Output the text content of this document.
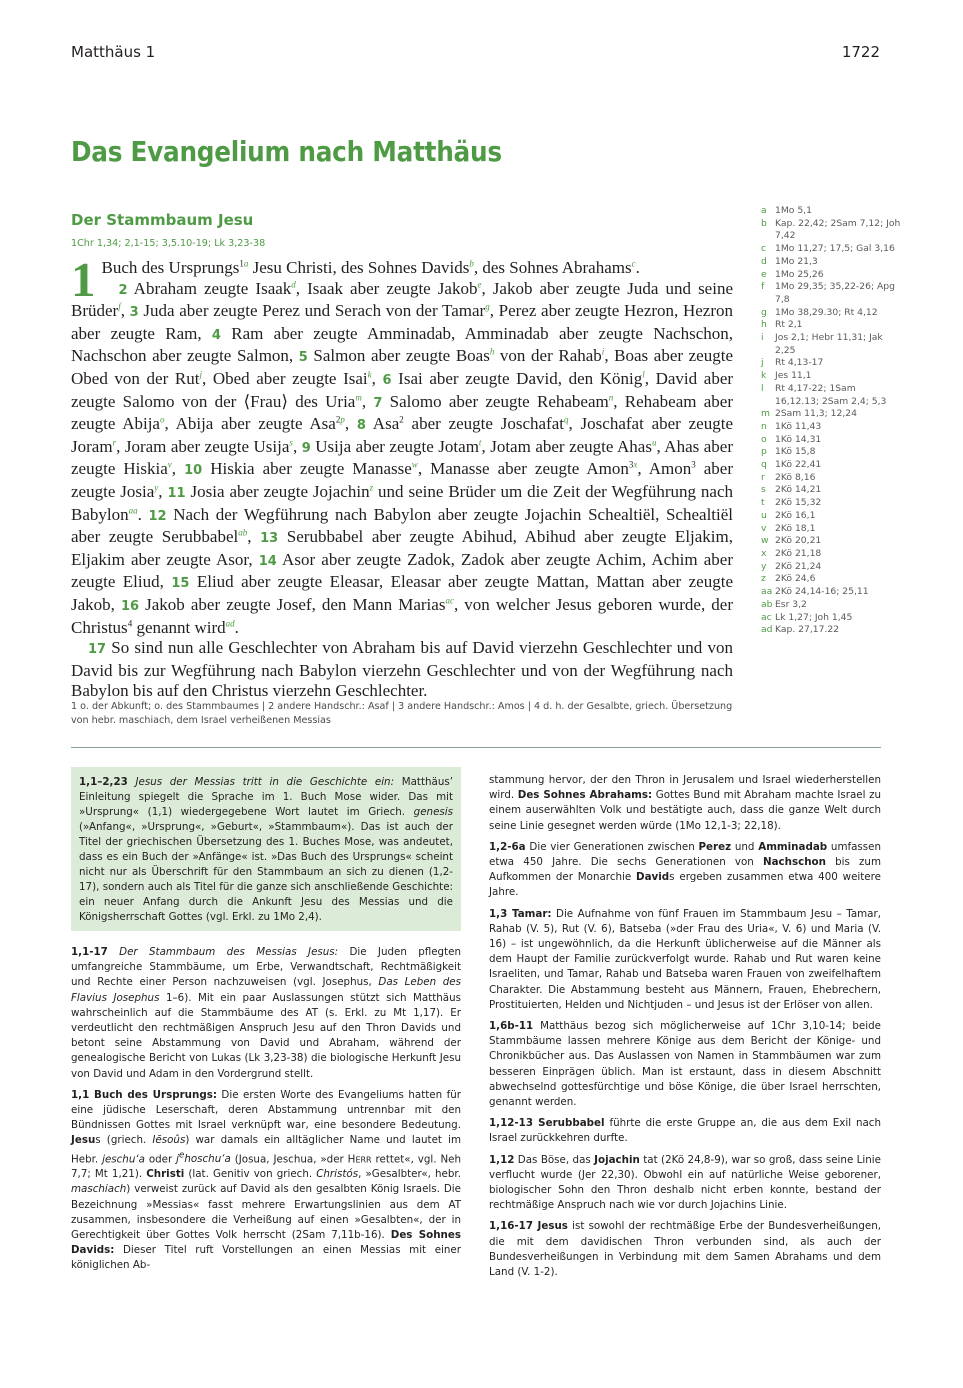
Matthäus 1	1722
Das Evangelium nach Matthäus
Der Stammbaum Jesu
1Chr 1,34; 2,1-15; 3,5.10-19; Lk 3,23-38
1 Buch des Ursprungs$^{1a}$ Jesu Christi, des Sohnes Davids$^b$, des Sohnes Abrahams$^c$.

2 Abraham zeugte Isaak$^d$, Isaak aber zeugte Jakob$^e$, Jakob aber zeugte Juda und seine Brüder$^f$, 3 Juda aber zeugte Perez und Serach von der Tamar$^g$, Perez aber zeugte Hezron, Hezron aber zeugte Ram, 4 Ram aber zeugte Amminadab, Amminadab aber zeugte Nachschon, Nachschon aber zeugte Salmon, 5 Salmon aber zeugte Boas$^h$ von der Rahab$^i$, Boas aber zeugte Obed von der Rut$^j$, Obed aber zeugte Isai$^k$, 6 Isai aber zeugte David, den König$^l$, David aber zeugte Salomo von der ⟨Frau⟩ des Uria$^m$, 7 Salomo aber zeugte Rehabeam$^n$, Rehabeam aber zeugte Abija$^o$, Abija aber zeugte Asa$^{2p}$, 8 Asa$^2$ aber zeugte Joschafat$^q$, Joschafat aber zeugte Joram$^r$, Joram aber zeugte Usija$^s$, 9 Usija aber zeugte Jotam$^t$, Jotam aber zeugte Ahas$^u$, Ahas aber zeugte Hiskia$^v$, 10 Hiskia aber zeugte Manasse$^w$, Manasse aber zeugte Amon$^{3x}$, Amon$^3$ aber zeugte Josia$^y$, 11 Josia aber zeugte Jojachin$^z$ und seine Brüder um die Zeit der Wegführung nach Babylon$^{aa}$. 12 Nach der Wegführung nach Babylon aber zeugte Jojachin Schealtiël, Schealtiël aber zeugte Serubbabel$^{ab}$, 13 Serubbabel aber zeugte Abihud, Abihud aber zeugte Eljakim, Eljakim aber zeugte Asor, 14 Asor aber zeugte Zadok, Zadok aber zeugte Achim, Achim aber zeugte Eliud, 15 Eliud aber zeugte Eleasar, Eleasar aber zeugte Mattan, Mattan aber zeugte Jakob, 16 Jakob aber zeugte Josef, den Mann Marias$^{ac}$, von welcher Jesus geboren wurde, der Christus$^4$ genannt wird$^{ad}$.

17 So sind nun alle Geschlechter von Abraham bis auf David vierzehn Geschlechter und von David bis zur Wegführung nach Babylon vierzehn Geschlechter und von der Wegführung nach Babylon bis auf den Christus vierzehn Geschlechter.

1 o. der Abkunft; o. des Stammbaumes | 2 andere Handschr.: Asaf | 3 andere Handschr.: Amos | 4 d. h. der Gesalbte, griech. Übersetzung von hebr. maschiach, dem Israel verheißenen Messias
a 1Mo 5,1
b Kap. 22,42; 2Sam 7,12; Joh 7,42
c 1Mo 11,27; 17,5; Gal 3,16
d 1Mo 21,3
e 1Mo 25,26
f	1Mo 29,35; 35,22-26; Apg 7,8
g 1Mo 38,29.30; Rt 4,12
h Rt 2,1
i	Jos 2,1; Hebr 11,31; Jak 2,25
j	Rt 4,13-17
k Jes 11,1
l	Rt 4,17-22; 1Sam 16,12.13; 2Sam 2,4; 5,3
m 2Sam 11,3; 12,24
n 1Kö 11,43
o 1Kö 14,31
p 1Kö 15,8
q 1Kö 22,41
r	2Kö 8,16
s	2Kö 14,21
t	2Kö 15,32
u 2Kö 16,1
v 2Kö 18,1
w 2Kö 20,21
x 2Kö 21,18
y 2Kö 21,24
z 2Kö 24,6
aa 2Kö 24,14-16; 25,11
ab Esr 3,2
ac Lk 1,27; Joh 1,45
ad Kap. 27,17.22
1,1–2,23 Jesus der Messias tritt in die Geschichte ein: Matthäus’ Einleitung spiegelt die Sprache im 1. Buch Mose wider. Das mit »Ursprung« (1,1) wiedergegebene Wort lautet im Griech. genesis (»Anfang«, »Ursprung«, »Geburt«, »Stammbaum«). Das ist auch der Titel der griechischen Übersetzung des 1. Buches Mose, was andeutet, dass es ein Buch der »Anfänge« ist. »Das Buch des Ursprungs« scheint nicht nur als Überschrift für den Stammbaum an sich zu dienen (1,2-17), sondern auch als Titel für die ganze sich anschließende Geschichte: ein neuer Anfang durch die Ankunft Jesu des Messias und die Königsherrschaft Gottes (vgl. Erkl. zu 1Mo 2,4).

1,1-17 Der Stammbaum des Messias Jesus: Die Juden pflegten umfangreiche Stammbäume, um Erbe, Verwandtschaft, Rechtmäßigkeit und Rechte einer Person nachzuweisen (vgl. Josephus, Das Leben des Flavius Josephus 1–6). Mit ein paar Auslassungen stützt sich Matthäus wahrscheinlich auf die Stammbäume des AT (s. Erkl. zu Mt 1,17). Er verdeutlicht den rechtmäßigen Anspruch Jesu auf den Thron Davids und betont seine Abstammung von David und Abraham, während der genealogische Bericht von Lukas (Lk 3,23-38) die biologische Herkunft Jesu von David und Adam in den Vordergrund stellt.

1,1 Buch des Ursprungs: Die ersten Worte des Evangeliums hatten für eine jüdische Leserschaft, deren Abstammung untrennbar mit den Bündnissen Gottes mit Israel verknüpft war, eine besondere Bedeutung. Jesus (griech. Iēsoûs) war damals ein alltäglicher Name und lautet im Hebr. jeschu‘a oder $j^ehoschu‘a$ (Josua, Jeschua, »der HERR rettet«, vgl. Neh 7,7; Mt 1,21). Christi (lat. Genitiv von griech. Christós, »Gesalbter«, hebr. maschiach) verweist zurück auf David als den gesalbten König Israels. Die Bezeichnung »Messias« fasst mehrere Erwartungslinien aus dem AT zusammen, insbesondere die Verheißung auf einen »Gesalbten«, der in Gerechtigkeit über Gottes Volk herrscht (2Sam 7,11b-16). Des Sohnes Davids: Dieser Titel ruft Vorstellungen an einen Messias mit einer königlichen Ab-

stammung hervor, der den Thron in Jerusalem und Israel wiederherstellen wird. Des Sohnes Abrahams: Gottes Bund mit Abraham machte Israel zu einem auserwählten Volk und bestätigte auch, dass die ganze Welt durch seine Linie gesegnet werden würde (1Mo 12,1-3; 22,18).

1,2-6a Die vier Generationen zwischen Perez und Amminadab umfassen etwa 450 Jahre. Die sechs Generationen von Nachschon bis zum Aufkommen der Monarchie Davids ergeben zusammen etwa 400 weitere Jahre.

1,3 Tamar: Die Aufnahme von fünf Frauen im Stammbaum Jesu – Tamar, Rahab (V. 5), Rut (V. 6), Batseba (»der Frau des Uria«, V. 6) und Maria (V. 16) – ist ungewöhnlich, da die Herkunft üblicherweise auf die Männer als dem Haupt der Familie zurückverfolgt wurde. Rahab und Rut waren keine Israeliten, und Tamar, Rahab und Batseba waren Frauen von zweifelhaftem Charakter. Die Abstammung besteht aus Männern, Frauen, Ehebrechern, Prostituierten, Helden und Nichtjuden – und Jesus ist der Erlöser von allen.

1,6b-11 Matthäus bezog sich möglicherweise auf 1Chr 3,10-14; beide Stammbäume lassen mehrere Könige aus dem Bericht der Könige- und Chronikbücher aus. Das Auslassen von Namen in Stammbäumen war zum besseren Einprägen üblich. Man ist erstaunt, dass in diesem Abschnitt abwechselnd gottesfürchtige und böse Könige, die über Israel herrschten, genannt werden.

1,12-13 Serubbabel führte die erste Gruppe an, die aus dem Exil nach Israel zurückkehren durfte.

1,12 Das Böse, das Jojachin tat (2Kö 24,8-9), war so groß, dass seine Linie verflucht wurde (Jer 22,30). Obwohl ein auf natürliche Weise geborener, biologischer Sohn den Thron deshalb nicht erben konnte, bestand der rechtmäßige Anspruch nach wie vor durch Jojachins Linie.

1,16-17 Jesus ist sowohl der rechtmäßige Erbe der Bundesverheißungen, die mit dem davidischen Thron verbunden sind, als auch der Bundesverheißungen in Verbindung mit dem Samen Abrahams und dem Land (V. 1-2).
